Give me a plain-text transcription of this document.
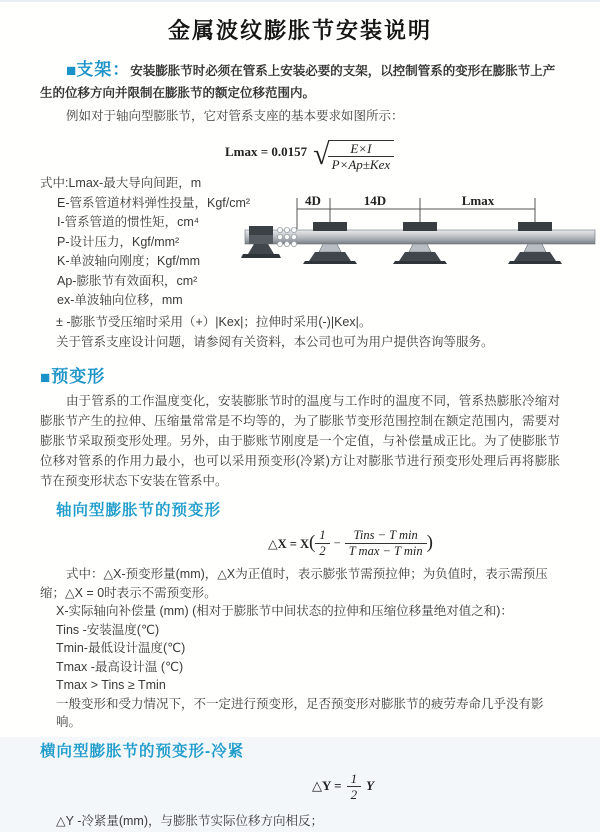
金属波纹膨胀节安装说明

■支架：安装膨胀节时必须在管系上安装必要的支架，以控制管系的变形在膨胀节上产生的位移方向并限制在膨胀节的额定位移范围内。

例如对于轴向型膨胀节，它对管系支座的基本要求如图所示：

Lmax = 0.0157 √
$\frac{E\times I}{\text{P×Ap±Kex}}$
式中:Lmax-最大导向间距，m
E-管系管道材料弹性投量，Kgf/cm²
I-管系管道的惯性矩，cm⁴
P-设计压力，Kgf/mm²
K-单波轴向刚度；Kgf/mm
Ap-膨胀节有效面积，cm²
ex-单波轴向位移，mm

± -膨胀节受压缩时采用（+）|Kex|；拉伸时采用(-)|Kex|。

关于管系支座设计问题，请参阅有关资料，本公司也可为用户提供咨询等服务。

■预变形

由于管系的工作温度变化，安装膨胀节时的温度与工作时的温度不同，管系热膨胀冷缩对膨胀节产生的拉伸、压缩量常常是不均等的，为了膨胀节变形范围控制在额定范围内，需要对膨胀节采取预变形处理。另外，由于膨账节刚度是一个定值，与补偿量成正比。为了使膨胀节位移对管系的作用力最小，也可以采用预变形(冷紧)方让对膨胀节进行预变形处理后再将膨胀节在预变形状态下安装在管系中。

轴向型膨胀节的预变形
△X = X ( $\frac{1}{2} - \frac{\text{Tins − T min}}{\text{T max − T min}}$ )

式中：△X-预变形量(mm)，△X为正值时，表示膨张节需预拉伸；为负值时，表示需预压缩；△X = 0时表示不需预变形。

X-实际轴向补偿量 (mm) (相对于膨胀节中间状态的拉伸和压缩位移量绝对值之和)：

Tins -安装温度(℃)

Tmin-最低设计温度(℃)

Tmax -最高设计温 (℃)

Tmax > Tins ≥ Tmin

一般变形和受力情况下，不一定进行预变形，足否预变形对膨胀节的疲劳寿命几乎没有影响。

横向型膨胀节的预变形-冷紧
△Y = $\frac{1}{2}$ Y

△Y -冷紧量(mm)，与膨胀节实际位移方向相反；

4D	14D	Lmax
